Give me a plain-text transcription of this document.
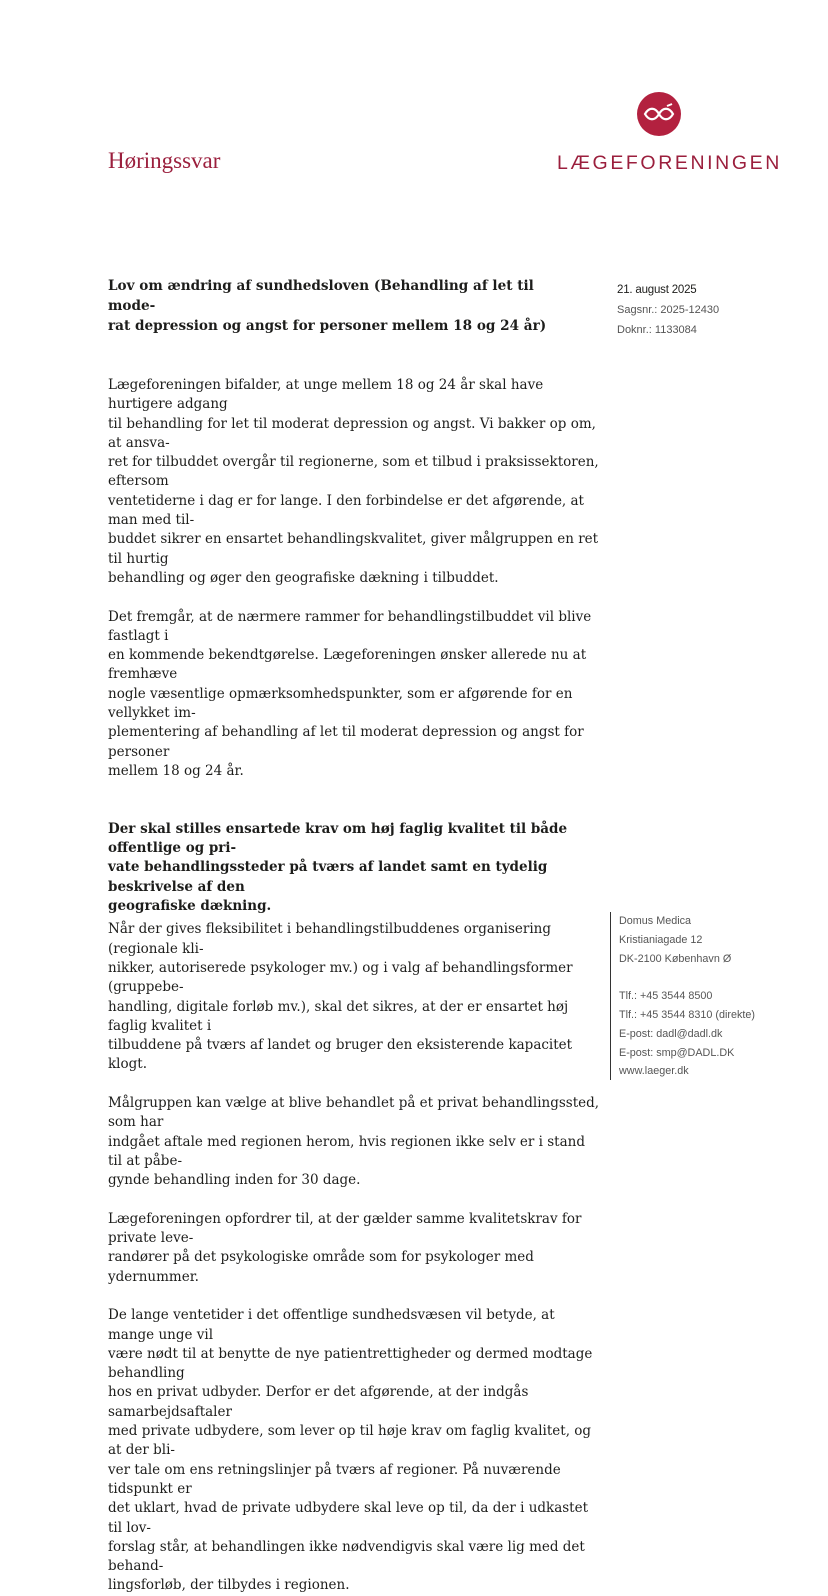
Høringssvar	LÆGEFORENINGEN
Lov om ændring af sundhedsloven (Behandling af let til mode-
rat depression og angst for personer mellem 18 og 24 år)
21. august 2025
Sagsnr.: 2025-12430
Doknr.: 1133084

Lægeforeningen bifalder, at unge mellem 18 og 24 år skal have hurtigere adgang
til behandling for let til moderat depression og angst. Vi bakker op om, at ansva-
ret for tilbuddet overgår til regionerne, som et tilbud i praksissektoren, eftersom
ventetiderne i dag er for lange. I den forbindelse er det afgørende, at man med til-
buddet sikrer en ensartet behandlingskvalitet, giver målgruppen en ret til hurtig
behandling og øger den geografiske dækning i tilbuddet.

Det fremgår, at de nærmere rammer for behandlingstilbuddet vil blive fastlagt i
en kommende bekendtgørelse. Lægeforeningen ønsker allerede nu at fremhæve
nogle væsentlige opmærksomhedspunkter, som er afgørende for en vellykket im-
plementering af behandling af let til moderat depression og angst for personer
mellem 18 og 24 år.

Der skal stilles ensartede krav om høj faglig kvalitet til både offentlige og pri-
vate behandlingssteder på tværs af landet samt en tydelig beskrivelse af den
geografiske dækning.

Når der gives fleksibilitet i behandlingstilbuddenes organisering (regionale kli-
nikker, autoriserede psykologer mv.) og i valg af behandlingsformer (gruppebe-
handling, digitale forløb mv.), skal det sikres, at der er ensartet høj faglig kvalitet i
tilbuddene på tværs af landet og bruger den eksisterende kapacitet klogt.

Målgruppen kan vælge at blive behandlet på et privat behandlingssted, som har
indgået aftale med regionen herom, hvis regionen ikke selv er i stand til at påbe-
gynde behandling inden for 30 dage.

Lægeforeningen opfordrer til, at der gælder samme kvalitetskrav for private leve-
randører på det psykologiske område som for psykologer med ydernummer.

De lange ventetider i det offentlige sundhedsvæsen vil betyde, at mange unge vil
være nødt til at benytte de nye patientrettigheder og dermed modtage behandling
hos en privat udbyder. Derfor er det afgørende, at der indgås samarbejdsaftaler
med private udbydere, som lever op til høje krav om faglig kvalitet, og at der bli-
ver tale om ens retningslinjer på tværs af regioner. På nuværende tidspunkt er
det uklart, hvad de private udbydere skal leve op til, da der i udkastet til lov-
forslag står, at behandlingen ikke nødvendigvis skal være lig med det behand-
lingsforløb, der tilbydes i regionen.

Domus Medica
Kristianiagade 12
DK-2100 København Ø
Tlf.: +45 3544 8500
Tlf.: +45 3544 8310 (direkte)
E-post: dadl@dadl.dk
E-post: smp@DADL.DK
www.laeger.dk
